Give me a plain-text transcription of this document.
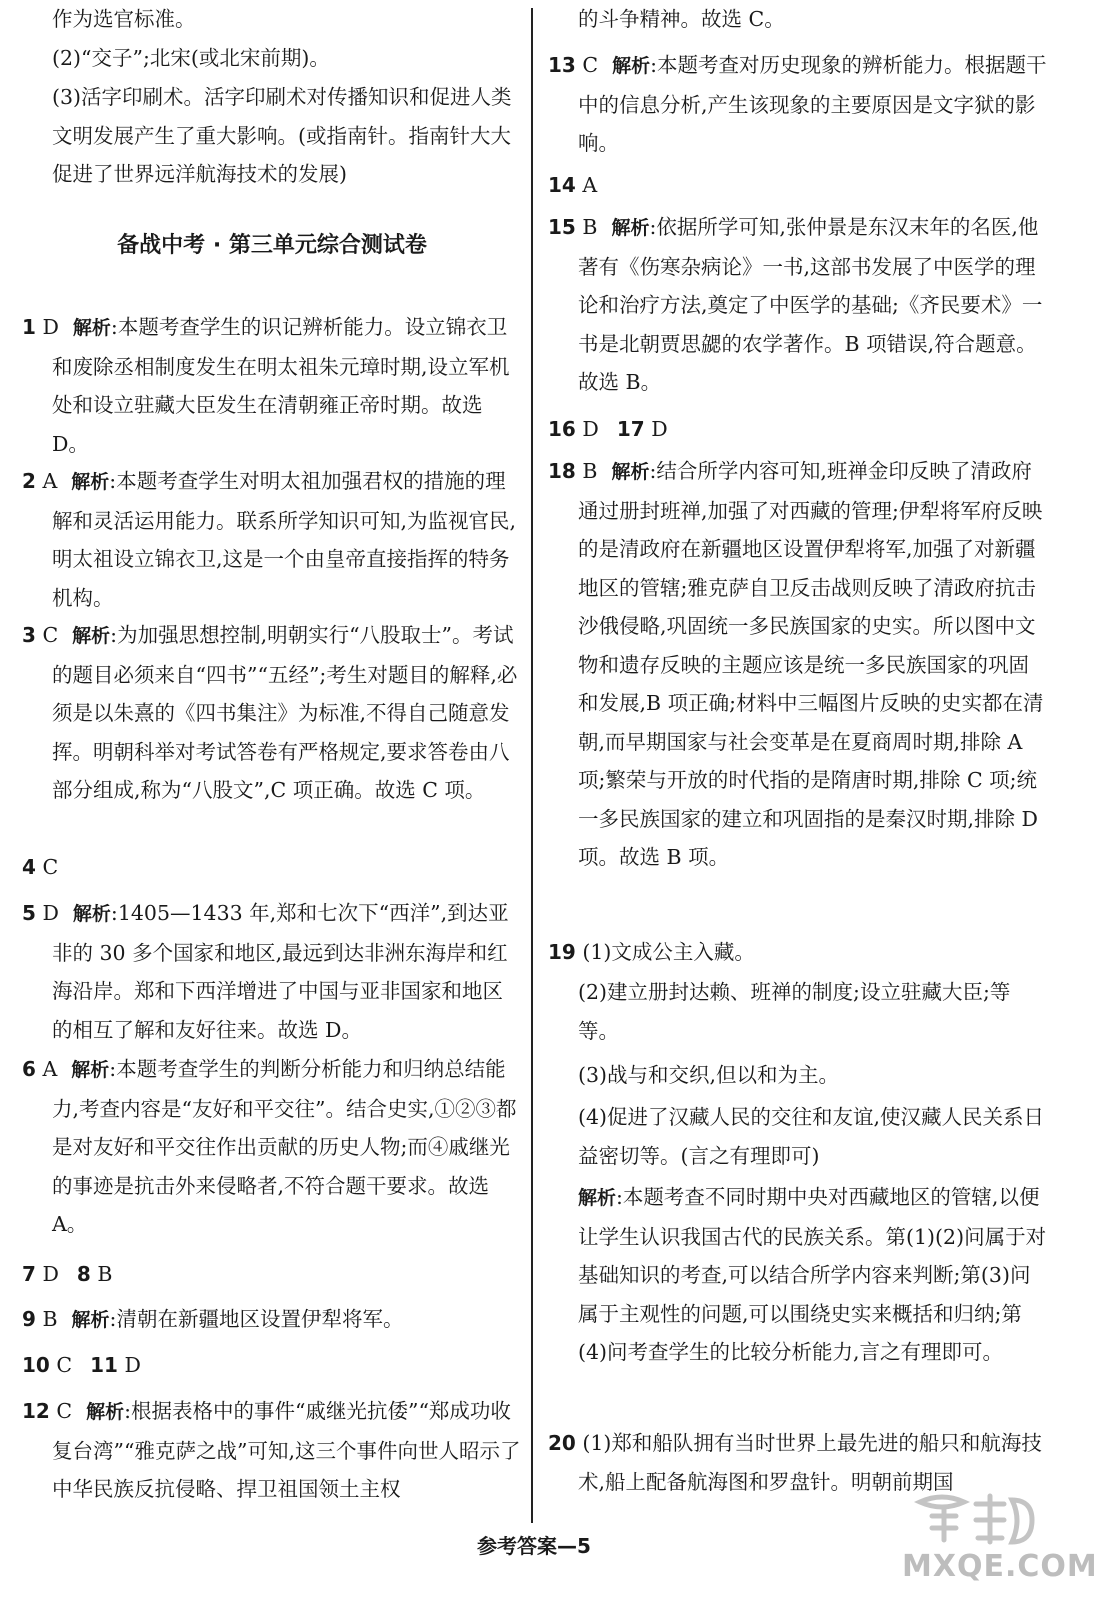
作为选官标准。
(2)“交子”;北宋(或北宋前期)。
(3)活字印刷术。活字印刷术对传播知识和促进人类文明发展产生了重大影响。(或指南针。指南针大大促进了世界远洋航海技术的发展)
备战中考 · 第三单元综合测试卷
1 D 解析:本题考查学生的识记辨析能力。设立锦衣卫和废除丞相制度发生在明太祖朱元璋时期,设立军机处和设立驻藏大臣发生在清朝雍正帝时期。故选 D。
2 A 解析:本题考查学生对明太祖加强君权的措施的理解和灵活运用能力。联系所学知识可知,为监视官民,明太祖设立锦衣卫,这是一个由皇帝直接指挥的特务机构。
3 C 解析:为加强思想控制,明朝实行“八股取士”。考试的题目必须来自“四书”“五经”;考生对题目的解释,必须是以朱熹的《四书集注》为标准,不得自己随意发挥。明朝科举对考试答卷有严格规定,要求答卷由八部分组成,称为“八股文”,C 项正确。故选 C 项。
4 C
5 D 解析:1405—1433 年,郑和七次下“西洋”,到达亚非的 30 多个国家和地区,最远到达非洲东海岸和红海沿岸。郑和下西洋增进了中国与亚非国家和地区的相互了解和友好往来。故选 D。
6 A 解析:本题考查学生的判断分析能力和归纳总结能力,考查内容是“友好和平交往”。结合史实,①②③都是对友好和平交往作出贡献的历史人物;而④戚继光的事迹是抗击外来侵略者,不符合题干要求。故选 A。
7 D 8 B
9 B 解析:清朝在新疆地区设置伊犁将军。
10 C 11 D
12 C 解析:根据表格中的事件“戚继光抗倭”“郑成功收复台湾”“雅克萨之战”可知,这三个事件向世人昭示了中华民族反抗侵略、捍卫祖国领土主权
的斗争精神。故选 C。
13 C 解析:本题考查对历史现象的辨析能力。根据题干中的信息分析,产生该现象的主要原因是文字狱的影响。
14 A
15 B 解析:依据所学可知,张仲景是东汉末年的名医,他著有《伤寒杂病论》一书,这部书发展了中医学的理论和治疗方法,奠定了中医学的基础;《齐民要术》一书是北朝贾思勰的农学著作。B 项错误,符合题意。故选 B。
16 D 17 D
18 B 解析:结合所学内容可知,班禅金印反映了清政府通过册封班禅,加强了对西藏的管理;伊犁将军府反映的是清政府在新疆地区设置伊犁将军,加强了对新疆地区的管辖;雅克萨自卫反击战则反映了清政府抗击沙俄侵略,巩固统一多民族国家的史实。所以图中文物和遗存反映的主题应该是统一多民族国家的巩固和发展,B 项正确;材料中三幅图片反映的史实都在清朝,而早期国家与社会变革是在夏商周时期,排除 A 项;繁荣与开放的时代指的是隋唐时期,排除 C 项;统一多民族国家的建立和巩固指的是秦汉时期,排除 D 项。故选 B 项。
19 (1)文成公主入藏。
(2)建立册封达赖、班禅的制度;设立驻藏大臣;等等。
(3)战与和交织,但以和为主。
(4)促进了汉藏人民的交往和友谊,使汉藏人民关系日益密切等。(言之有理即可)
解析:本题考查不同时期中央对西藏地区的管辖,以便让学生认识我国古代的民族关系。第(1)(2)问属于对基础知识的考查,可以结合所学内容来判断;第(3)问属于主观性的问题,可以围绕史实来概括和归纳;第(4)问考查学生的比较分析能力,言之有理即可。
20 (1)郑和船队拥有当时世界上最先进的船只和航海技术,船上配备航海图和罗盘针。明朝前期国
参考答案—5
MXQE.COM
